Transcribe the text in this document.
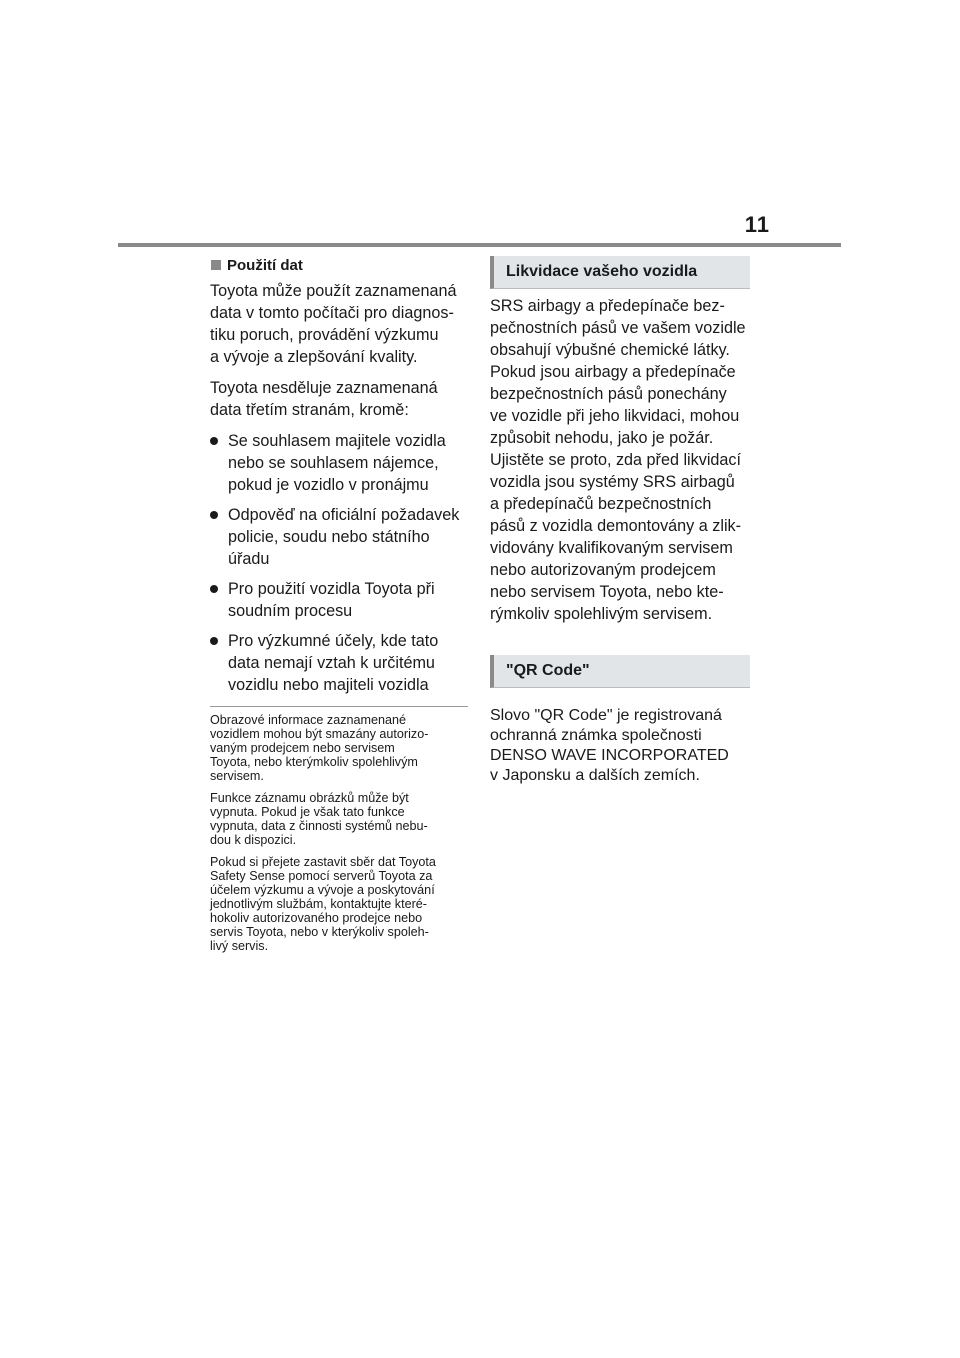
11
Použití dat

Toyota může použít zaznamenaná
data v tomto počítači pro diagnos-
tiku poruch, provádění výzkumu
a vývoje a zlepšování kvality.

Toyota nesděluje zaznamenaná
data třetím stranám, kromě:

Se souhlasem majitele vozidla
nebo se souhlasem nájemce,
pokud je vozidlo v pronájmu
Odpověď na oficiální požadavek
policie, soudu nebo státního
úřadu
Pro použití vozidla Toyota při
soudním procesu
Pro výzkumné účely, kde tato
data nemají vztah k určitému
vozidlu nebo majiteli vozidla

Obrazové informace zaznamenané
vozidlem mohou být smazány autorizo-
vaným prodejcem nebo servisem
Toyota, nebo kterýmkoliv spolehlivým
servisem.

Funkce záznamu obrázků může být
vypnuta. Pokud je však tato funkce
vypnuta, data z činnosti systémů nebu-
dou k dispozici.

Pokud si přejete zastavit sběr dat Toyota
Safety Sense pomocí serverů Toyota za
účelem výzkumu a vývoje a poskytování
jednotlivým službám, kontaktujte které-
hokoliv autorizovaného prodejce nebo
servis Toyota, nebo v kterýkoliv spoleh-
livý servis.

Likvidace vašeho vozidla

SRS airbagy a předepínače bez-
pečnostních pásů ve vašem vozidle
obsahují výbušné chemické látky.
Pokud jsou airbagy a předepínače
bezpečnostních pásů ponechány
ve vozidle při jeho likvidaci, mohou
způsobit nehodu, jako je požár.
Ujistěte se proto, zda před likvidací
vozidla jsou systémy SRS airbagů
a předepínačů bezpečnostních
pásů z vozidla demontovány a zlik-
vidovány kvalifikovaným servisem
nebo autorizovaným prodejcem
nebo servisem Toyota, nebo kte-
rýmkoliv spolehlivým servisem.

"QR Code"

Slovo "QR Code" je registrovaná
ochranná známka společnosti
DENSO WAVE INCORPORATED
v Japonsku a dalších zemích.
